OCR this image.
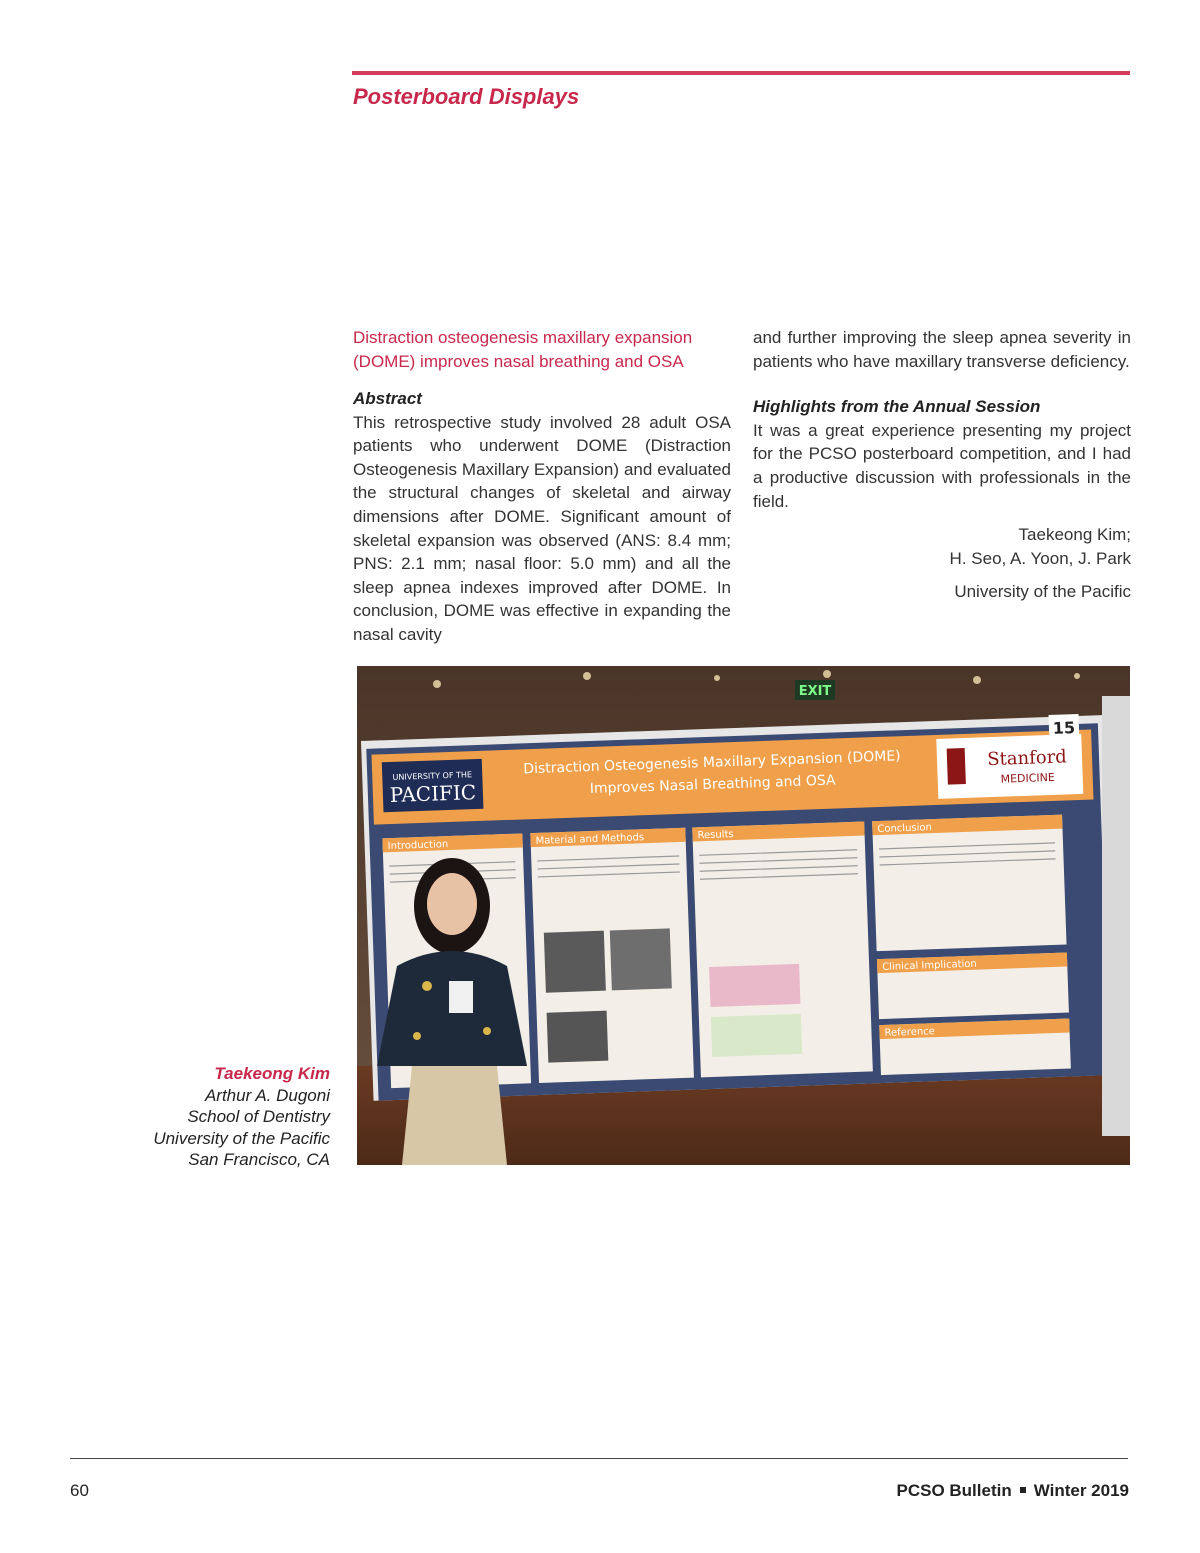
Posterboard Displays
Distraction osteogenesis maxillary expansion (DOME) improves nasal breathing and OSA

Abstract

This retrospective study involved 28 adult OSA patients who underwent DOME (Distraction Osteogenesis Maxillary Expansion) and evaluated the structural changes of skeletal and airway dimensions after DOME. Significant amount of skeletal expansion was observed (ANS: 8.4 mm; PNS: 2.1 mm; nasal floor: 5.0 mm) and all the sleep apnea indexes improved after DOME. In conclusion, DOME was effective in expanding the nasal cavity

and further improving the sleep apnea severity in patients who have maxillary transverse deficiency.

Highlights from the Annual Session

It was a great experience presenting my project for the PCSO posterboard competition, and I had a productive discussion with professionals in the field.

Taekeong Kim;

H. Seo, A. Yoon, J. Park

University of the Pacific

Taekeong Kim
Arthur A. Dugoni
School of Dentistry
University of the Pacific
San Francisco, CA
EXIT
UNIVERSITY OF THE
PACIFIC
Distraction Osteogenesis Maxillary Expansion (DOME)
Improves Nasal Breathing and OSA
Stanford
MEDICINE
15
Introduction	Material and Methods	Results
Conclusion
Clinical Implication
Reference
60	PCSO Bulletin Winter 2019
